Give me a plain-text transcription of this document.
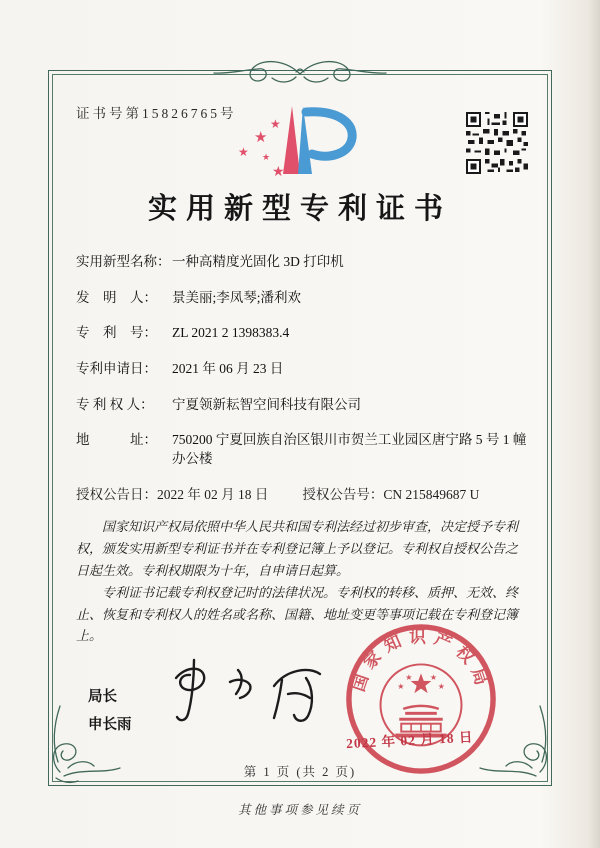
证书号第15826765号
★
★
★ ★
★
实用新型专利证书
实用新型名称： 一种高精度光固化 3D 打印机
发　明　人：	景美丽;李凤琴;潘利欢
专　利　号：	ZL 2021 2 1398383.4
专利申请日：	2021 年 06 月 23 日
专 利 权 人：	宁夏领新耘智空间科技有限公司
地　　　址：	750200 宁夏回族自治区银川市贺兰工业园区唐宁路 5 号 1 幢办公楼
授权公告日： 2022 年 02 月 18 日	授权公告号： CN 215849687 U

国家知识产权局依照中华人民共和国专利法经过初步审查，决定授予专利权，颁发实用新型专利证书并在专利登记簿上予以登记。专利权自授权公告之日起生效。专利权期限为十年，自申请日起算。

专利证书记载专利权登记时的法律状况。专利权的转移、质押、无效、终止、恢复和专利权人的姓名或名称、国籍、地址变更等事项记载在专利登记簿上。

局长
申长雨
国家知识产权局
★
★ ★
★
2022 年 02 月 18 日
第 1 页 (共 2 页)
其他事项参见续页
